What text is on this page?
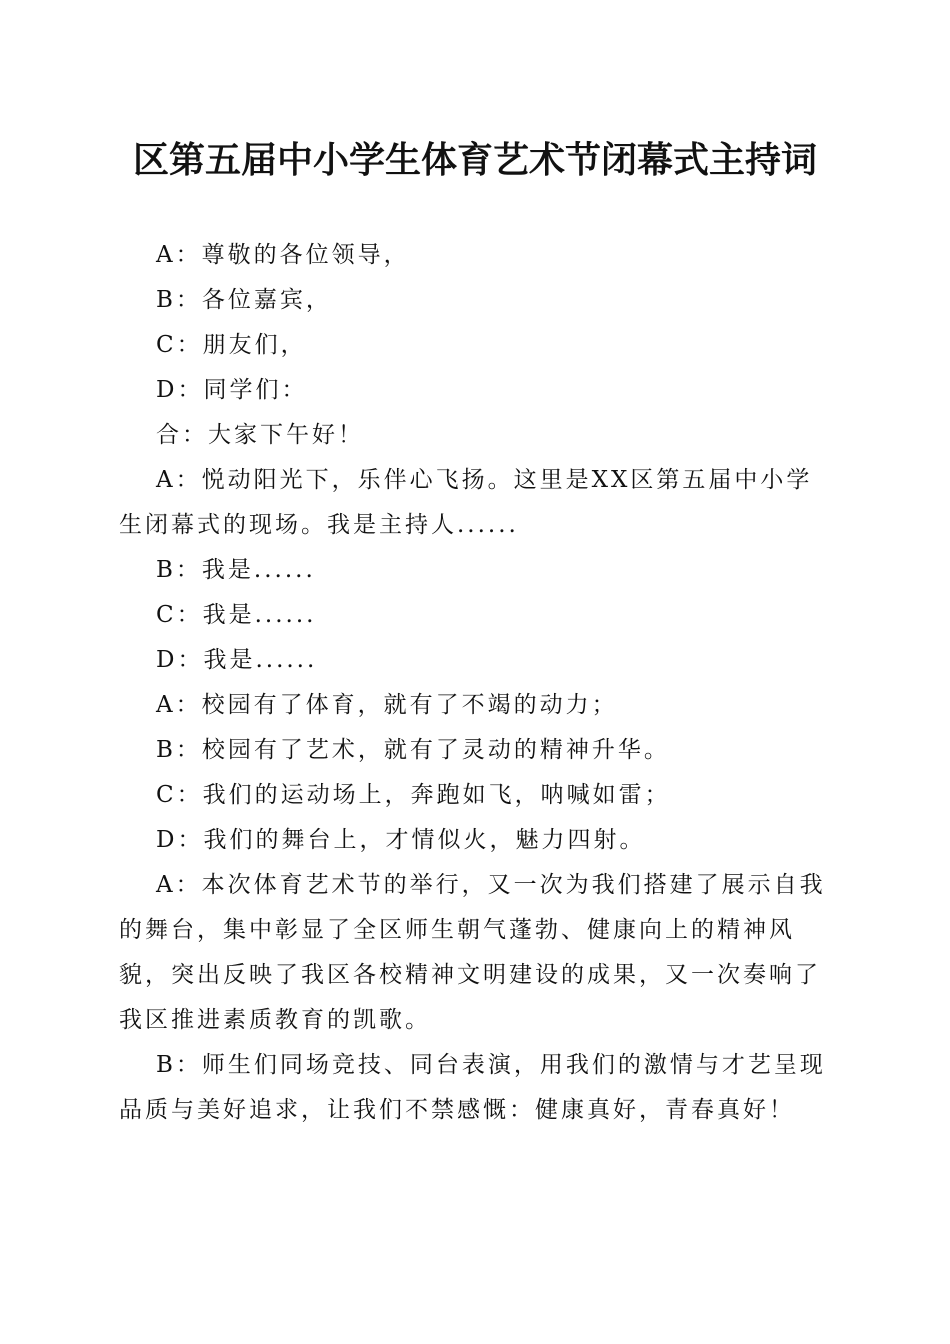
区第五届中小学生体育艺术节闭幕式主持词

A：尊敬的各位领导，

B：各位嘉宾，

C：朋友们，

D：同学们：

合：大家下午好！

A：悦动阳光下，乐伴心飞扬。这里是XX区第五届中小学生闭幕式的现场。我是主持人......

B：我是......

C：我是......

D：我是......

A：校园有了体育，就有了不竭的动力；

B：校园有了艺术，就有了灵动的精神升华。

C：我们的运动场上，奔跑如飞，呐喊如雷；

D：我们的舞台上，才情似火，魅力四射。

A：本次体育艺术节的举行，又一次为我们搭建了展示自我的舞台，集中彰显了全区师生朝气蓬勃、健康向上的精神风貌，突出反映了我区各校精神文明建设的成果，又一次奏响了我区推进素质教育的凯歌。

B：师生们同场竞技、同台表演，用我们的激情与才艺呈现品质与美好追求，让我们不禁感慨：健康真好，青春真好！
